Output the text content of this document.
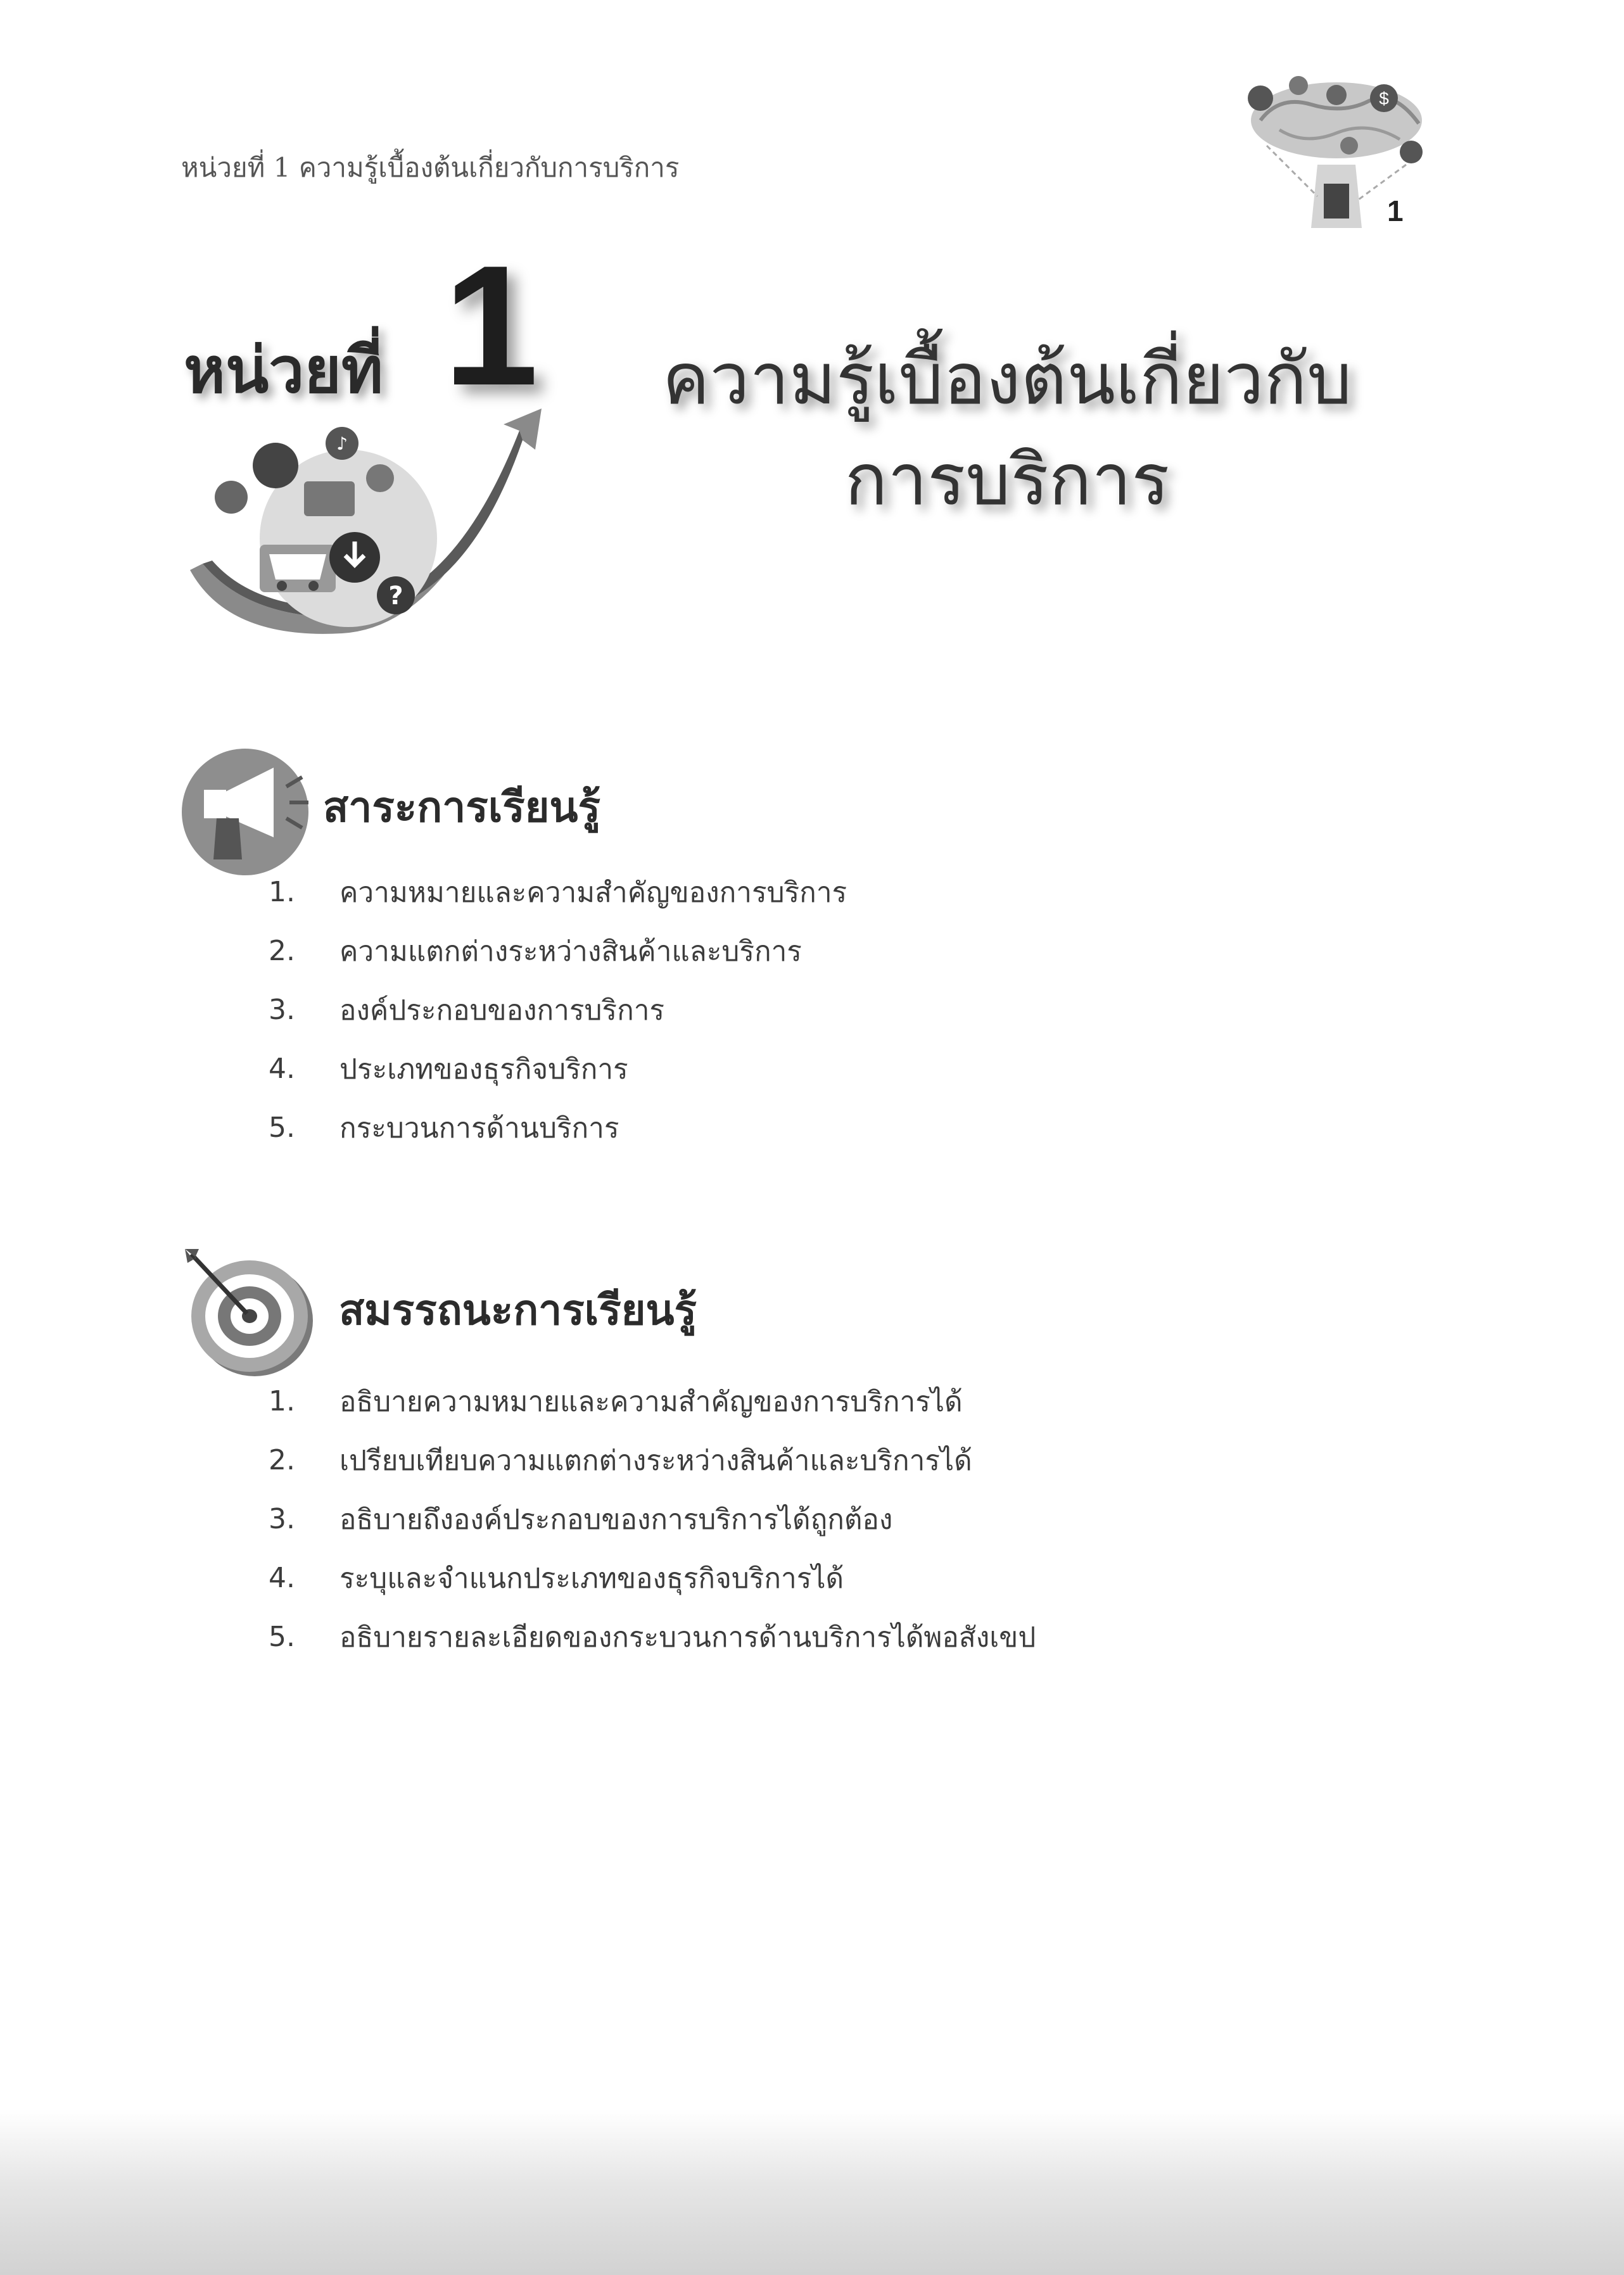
หน่วยที่ 1 ความรู้เบื้องต้นเกี่ยวกับการบริการ
$
1
หน่วยที่ 1
♪
?
ความรู้เบื้องต้นเกี่ยวกับ
การบริการ
สาระการเรียนรู้
1.	ความหมายและความสำคัญของการบริการ
2.	ความแตกต่างระหว่างสินค้าและบริการ
3.	องค์ประกอบของการบริการ
4.	ประเภทของธุรกิจบริการ
5.	กระบวนการด้านบริการ
สมรรถนะการเรียนรู้
1.	อธิบายความหมายและความสำคัญของการบริการได้
2.	เปรียบเทียบความแตกต่างระหว่างสินค้าและบริการได้
3.	อธิบายถึงองค์ประกอบของการบริการได้ถูกต้อง
4.	ระบุและจำแนกประเภทของธุรกิจบริการได้
5.	อธิบายรายละเอียดของกระบวนการด้านบริการได้พอสังเขป
